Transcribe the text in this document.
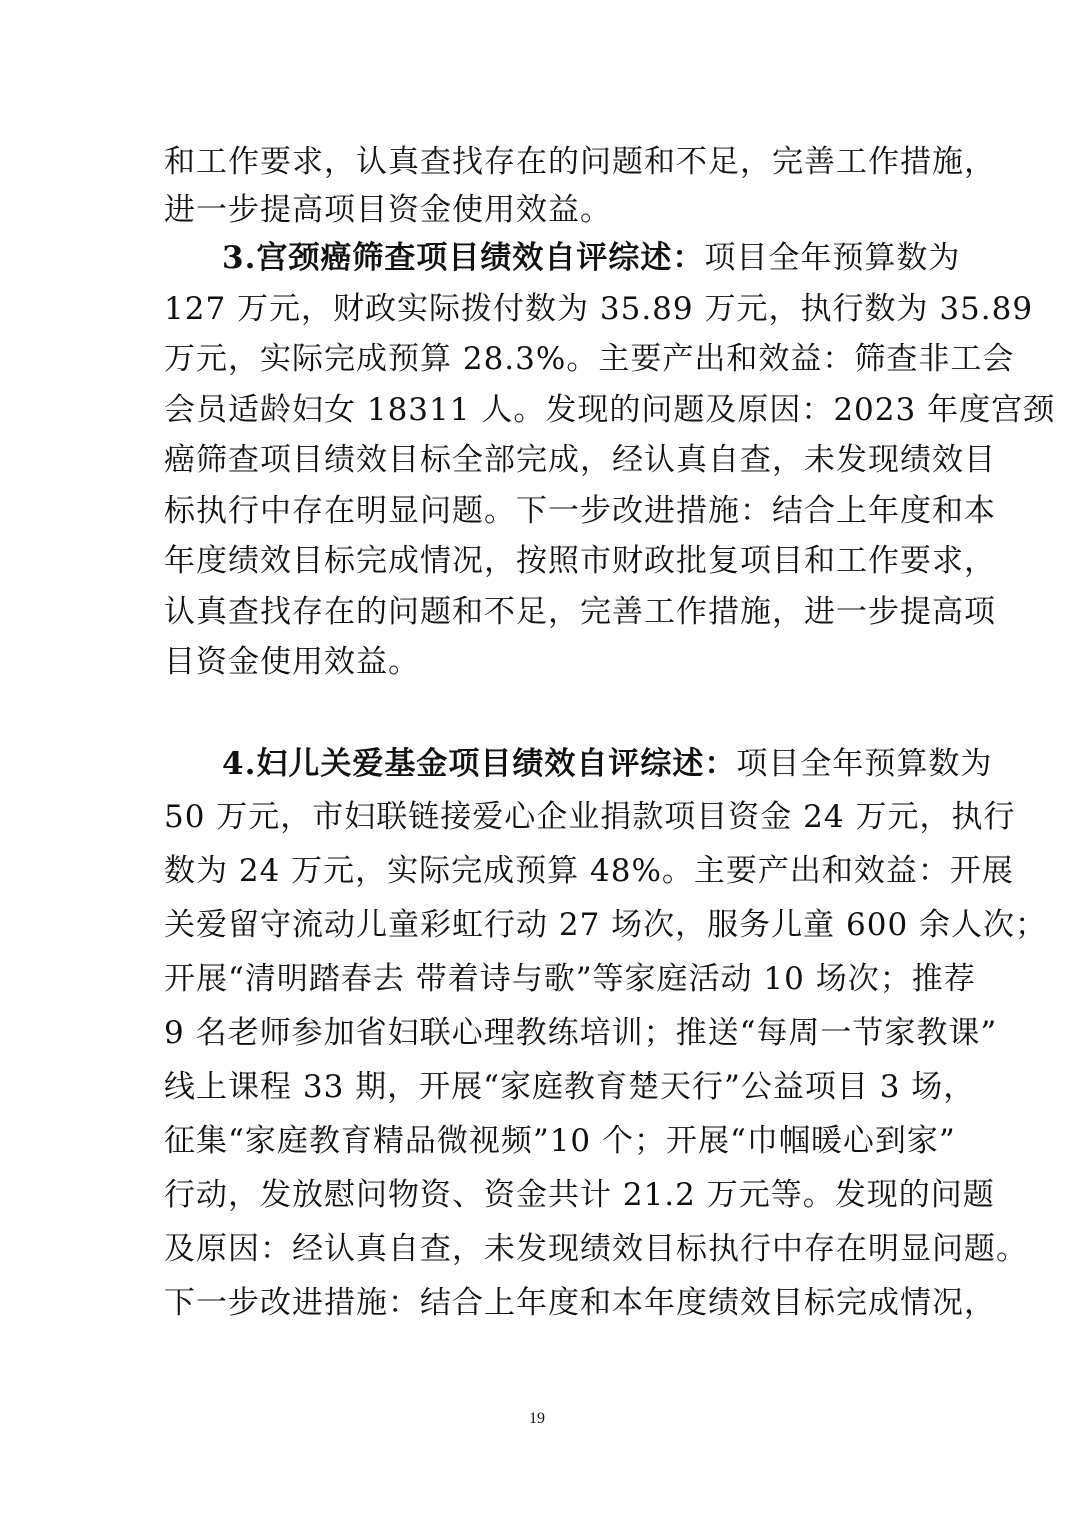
和工作要求，认真查找存在的问题和不足，完善工作措施，
进一步提高项目资金使用效益。
3.宫颈癌筛查项目绩效自评综述：项目全年预算数为
127 万元，财政实际拨付数为 35.89 万元，执行数为 35.89
万元，实际完成预算 28.3%。主要产出和效益：筛查非工会
会员适龄妇女 18311 人。发现的问题及原因：2023 年度宫颈
癌筛查项目绩效目标全部完成，经认真自查，未发现绩效目
标执行中存在明显问题。下一步改进措施：结合上年度和本
年度绩效目标完成情况，按照市财政批复项目和工作要求，
认真查找存在的问题和不足，完善工作措施，进一步提高项
目资金使用效益。
4.妇儿关爱基金项目绩效自评综述：项目全年预算数为
50 万元，市妇联链接爱心企业捐款项目资金 24 万元，执行
数为 24 万元，实际完成预算 48%。主要产出和效益：开展
关爱留守流动儿童彩虹行动 27 场次，服务儿童 600 余人次；
开展“清明踏春去 带着诗与歌”等家庭活动 10 场次；推荐
9 名老师参加省妇联心理教练培训；推送“每周一节家教课”
线上课程 33 期，开展“家庭教育楚天行”公益项目 3 场，
征集“家庭教育精品微视频”10 个；开展“巾帼暖心到家”
行动，发放慰问物资、资金共计 21.2 万元等。发现的问题
及原因：经认真自查，未发现绩效目标执行中存在明显问题。
下一步改进措施：结合上年度和本年度绩效目标完成情况，
19
